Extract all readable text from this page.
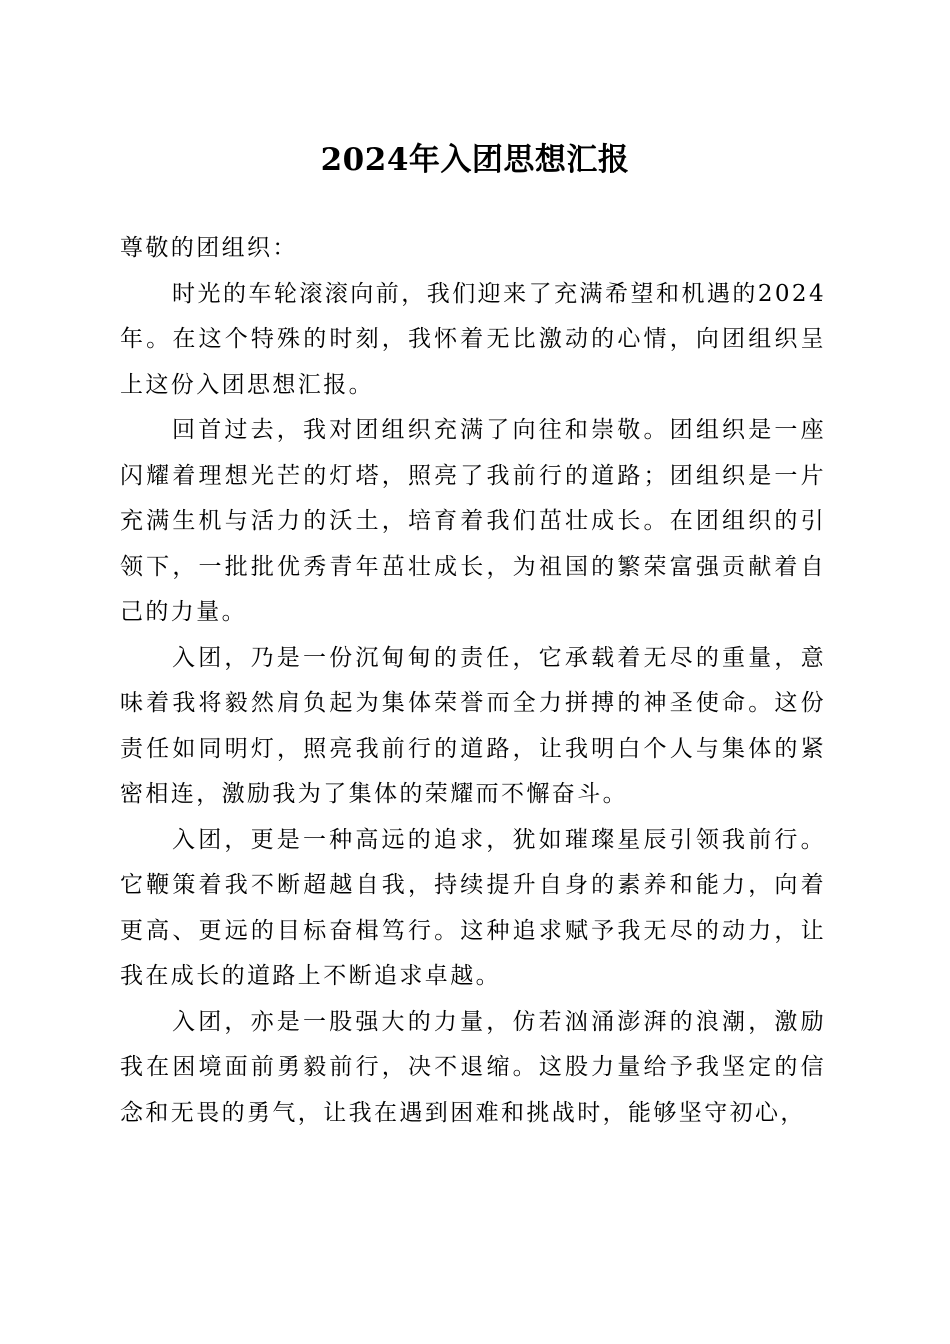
2024年入团思想汇报

尊敬的团组织：

时光的车轮滚滚向前，我们迎来了充满希望和机遇的2024年。在这个特殊的时刻，我怀着无比激动的心情，向团组织呈上这份入团思想汇报。

回首过去，我对团组织充满了向往和崇敬。团组织是一座闪耀着理想光芒的灯塔，照亮了我前行的道路；团组织是一片充满生机与活力的沃土，培育着我们茁壮成长。在团组织的引领下，一批批优秀青年茁壮成长，为祖国的繁荣富强贡献着自己的力量。

入团，乃是一份沉甸甸的责任，它承载着无尽的重量，意味着我将毅然肩负起为集体荣誉而全力拼搏的神圣使命。这份责任如同明灯，照亮我前行的道路，让我明白个人与集体的紧密相连，激励我为了集体的荣耀而不懈奋斗。

入团，更是一种高远的追求，犹如璀璨星辰引领我前行。它鞭策着我不断超越自我，持续提升自身的素养和能力，向着更高、更远的目标奋楫笃行。这种追求赋予我无尽的动力，让我在成长的道路上不断追求卓越。

入团，亦是一股强大的力量，仿若汹涌澎湃的浪潮，激励我在困境面前勇毅前行，决不退缩。这股力量给予我坚定的信念和无畏的勇气，让我在遇到困难和挑战时，能够坚守初心，
